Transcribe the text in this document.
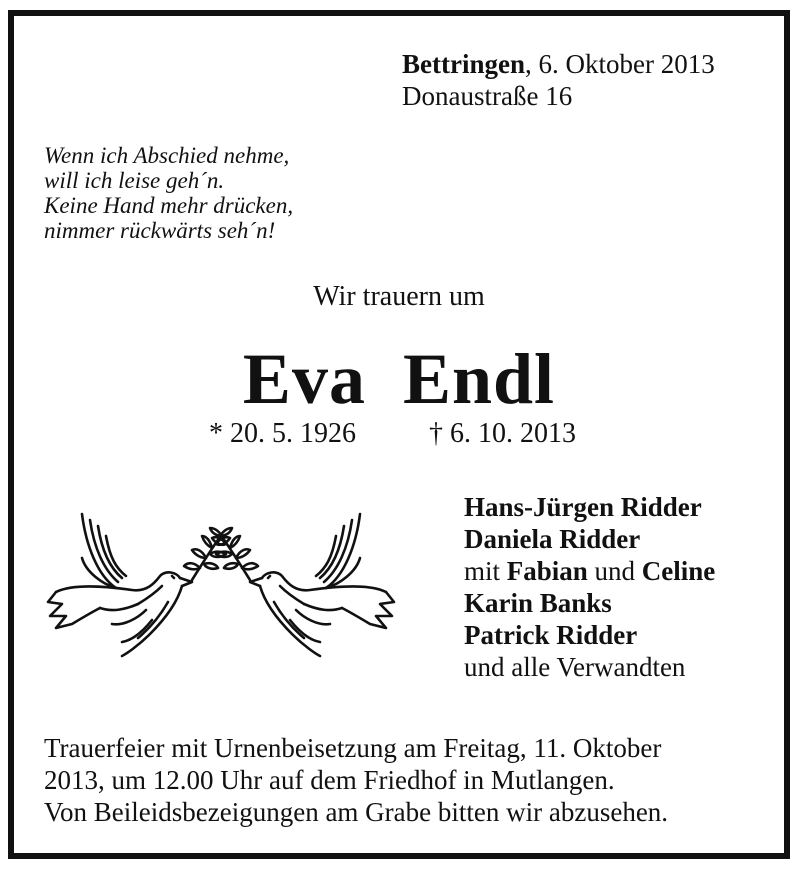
Bettringen, 6. Oktober 2013
Donaustraße 16
Wenn ich Abschied nehme,
will ich leise geh´n.
Keine Hand mehr drücken,
nimmer rückwärts seh´n!
Wir trauern um
Eva Endl
* 20. 5. 1926	† 6. 10. 2013
Hans-Jürgen Ridder
Daniela Ridder
mit Fabian und Celine
Karin Banks
Patrick Ridder
und alle Verwandten
Trauerfeier mit Urnenbeisetzung am Freitag, 11. Oktober
2013, um 12.00 Uhr auf dem Friedhof in Mutlangen.
Von Beileidsbezeigungen am Grabe bitten wir abzusehen.
